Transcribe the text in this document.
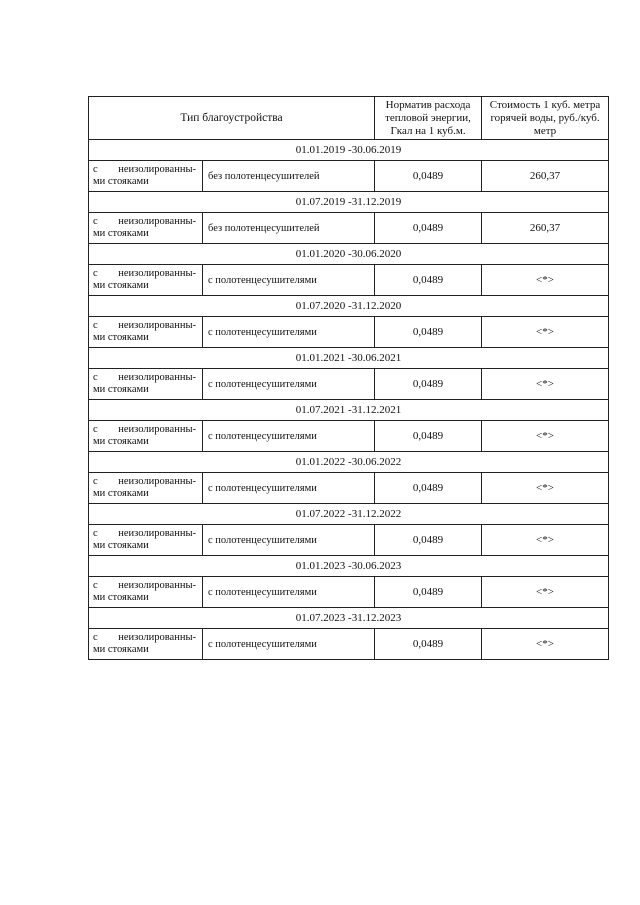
Тип благоустройства		Норматив расхода тепловой энергии, Гкал на 1 куб.м.	Стоимость 1 куб. метра горячей воды, руб./куб. метр
01.01.2019 -30.06.2019			

с неизолированны-
ми стояками	без полотенцесушителей	0,0489	260,37
01.07.2019 -31.12.2019			

с неизолированны-
ми стояками	без полотенцесушителей	0,0489	260,37
01.01.2020 -30.06.2020			

с неизолированны-
ми стояками	с полотенцесушителями	0,0489	<*>
01.07.2020 -31.12.2020			

с неизолированны-
ми стояками	с полотенцесушителями	0,0489	<*>
01.01.2021 -30.06.2021			

с неизолированны-
ми стояками	с полотенцесушителями	0,0489	<*>
01.07.2021 -31.12.2021			

с неизолированны-
ми стояками	с полотенцесушителями	0,0489	<*>
01.01.2022 -30.06.2022			

с неизолированны-
ми стояками	с полотенцесушителями	0,0489	<*>
01.07.2022 -31.12.2022			

с неизолированны-
ми стояками	с полотенцесушителями	0,0489	<*>
01.01.2023 -30.06.2023			

с неизолированны-
ми стояками	с полотенцесушителями	0,0489	<*>
01.07.2023 -31.12.2023			

с неизолированны-
ми стояками	с полотенцесушителями	0,0489	<*>
